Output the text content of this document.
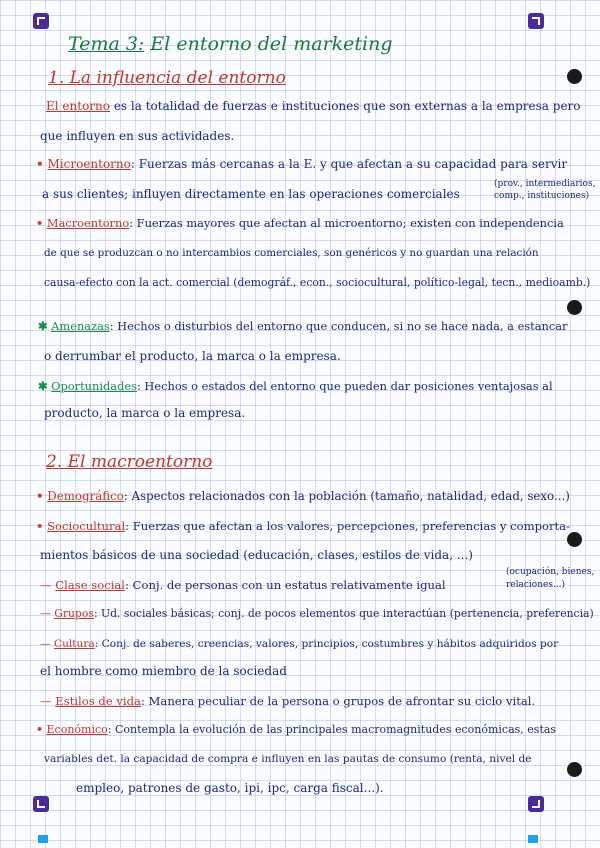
Tema 3: El entorno del marketing
1. La influencia del entorno
El entorno es la totalidad de fuerzas e instituciones que son externas a la empresa pero
que influyen en sus actividades.
• Microentorno: Fuerzas más cercanas a la E. y que afectan a su capacidad para servir
a sus clientes; influyen directamente en las operaciones comerciales
(prov., intermediarios,
comp., instituciones)
• Macroentorno: Fuerzas mayores que afectan al microentorno; existen con independencia
de que se produzcan o no intercambios comerciales, son genéricos y no guardan una relación
causa-efecto con la act. comercial (demográf., econ., sociocultural, político-legal, tecn., medioamb.)
✱ Amenazas: Hechos o disturbios del entorno que conducen, si no se hace nada, a estancar
o derrumbar el producto, la marca o la empresa.
✱ Oportunidades: Hechos o estados del entorno que pueden dar posiciones ventajosas al
producto, la marca o la empresa.
2. El macroentorno
• Demográfico: Aspectos relacionados con la población (tamaño, natalidad, edad, sexo...)
• Sociocultural: Fuerzas que afectan a los valores, percepciones, preferencias y comporta-
mientos básicos de una sociedad (educación, clases, estilos de vida, ...)
— Clase social: Conj. de personas con un estatus relativamente igual
(ocupación, bienes,
relaciones...)
— Grupos: Ud. sociales básicas; conj. de pocos elementos que interactúan (pertenencia, preferencia)
— Cultura: Conj. de saberes, creencias, valores, principios, costumbres y hábitos adquiridos por
el hombre como miembro de la sociedad
— Estilos de vida: Manera peculiar de la persona o grupos de afrontar su ciclo vital.
• Económico: Contempla la evolución de las principales macromagnitudes económicas, estas
variables det. la capacidad de compra e influyen en las pautas de consumo (renta, nivel de
empleo, patrones de gasto, ipi, ipc, carga fiscal...).
